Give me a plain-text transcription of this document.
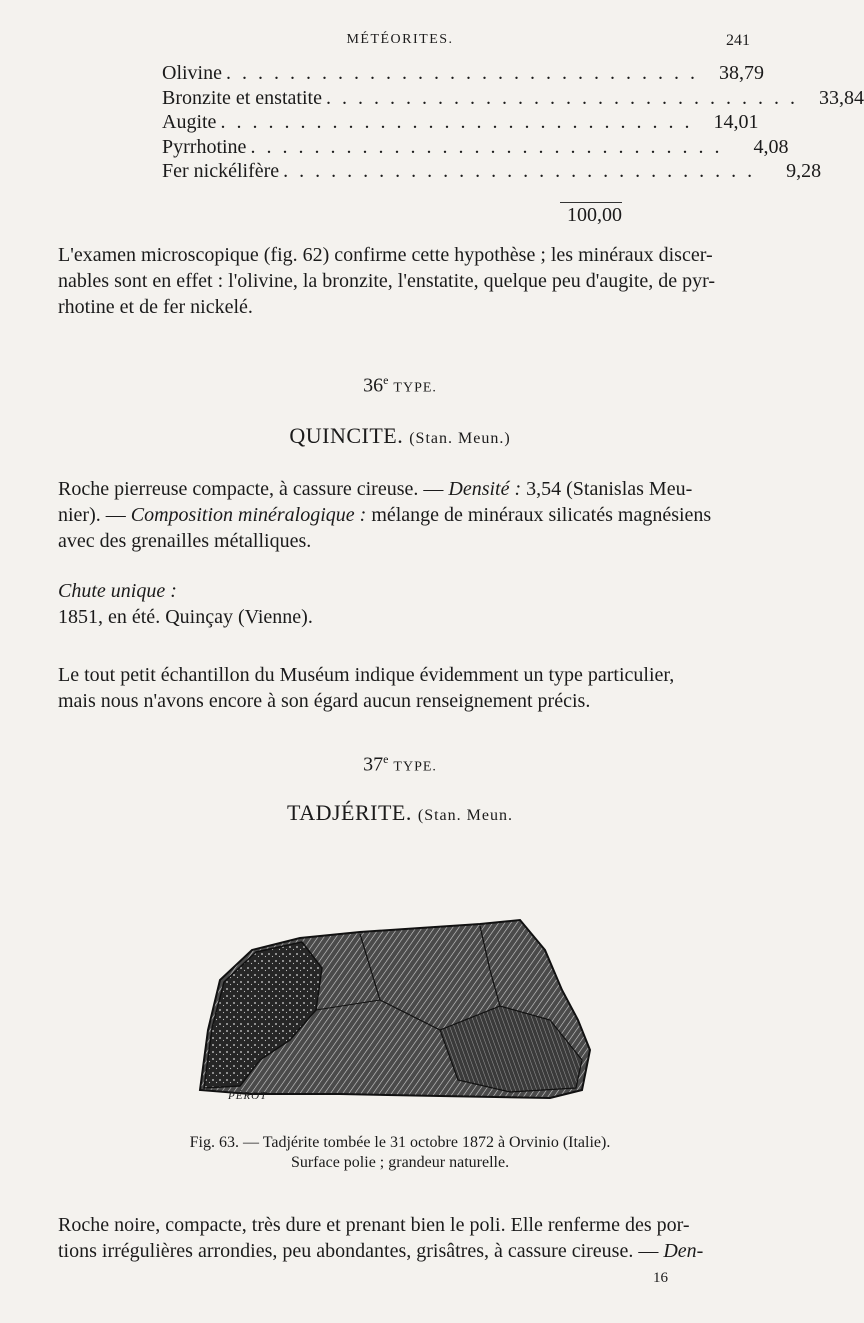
MÉTÉORITES.	241
Olivine . . . . . . . . . . . . . . . . . . . . . . . . . . . . . .	38,79
Bronzite et enstatite . . . . . . . . . . . . . . . . . . . . . . . . . . . . . .	33,84
Augite . . . . . . . . . . . . . . . . . . . . . . . . . . . . . .	14,01
Pyrrhotine . . . . . . . . . . . . . . . . . . . . . . . . . . . . . .	4,08
Fer nickélifère . . . . . . . . . . . . . . . . . . . . . . . . . . . . . .	9,28
100,00
L'examen microscopique (fig. 62) confirme cette hypothèse ; les minéraux discer-
nables sont en effet : l'olivine, la bronzite, l'enstatite, quelque peu d'augite, de pyr-
rhotine et de fer nickelé.
36e TYPE.
QUINCITE. (Stan. Meun.)
Roche pierreuse compacte, à cassure cireuse. — Densité : 3,54 (Stanislas Meu-
nier). — Composition minéralogique : mélange de minéraux silicatés magnésiens
avec des grenailles métalliques.
Chute unique :
1851, en été. Quinçay (Vienne).
Le tout petit échantillon du Muséum indique évidemment un type particulier,
mais nous n'avons encore à son égard aucun renseignement précis.
37e TYPE.
TADJÉRITE. (Stan. Meun.
PÉROT
Fig. 63. — Tadjérite tombée le 31 octobre 1872 à Orvinio (Italie).
Surface polie ; grandeur naturelle.
Roche noire, compacte, très dure et prenant bien le poli. Elle renferme des por-
tions irrégulières arrondies, peu abondantes, grisâtres, à cassure cireuse. — Den-
16
